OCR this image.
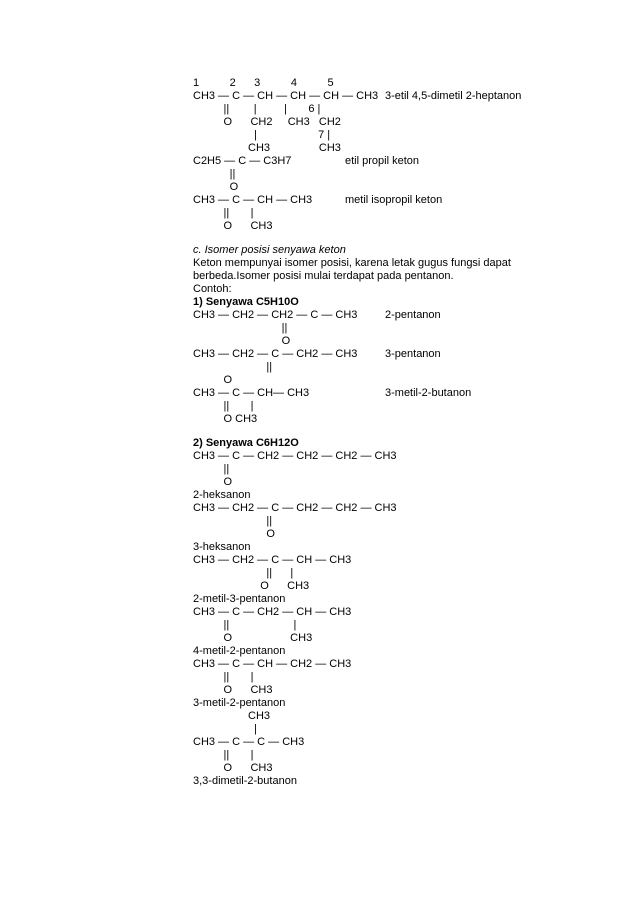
1          2      3          4          5
CH3 — C — CH — CH — CH — CH3
||        |         |       6 |
O      CH2     CH3   CH2
|                    7 |
CH3                CH3
C2H5 — C — C3H7
||
O
CH3 — C — CH — CH3
||       |
O      CH3
c. Isomer posisi senyawa keton
Keton mempunyai isomer posisi, karena letak gugus fungsi dapat
berbeda.Isomer posisi mulai terdapat pada pentanon.
Contoh:
1) Senyawa C5H10O
CH3 — CH2 — CH2 — C — CH3
||
O
CH3 — CH2 — C — CH2 — CH3
||
O
CH3 — C — CH— CH3
||       |
O CH3
2) Senyawa C6H12O
CH3 — C — CH2 — CH2 — CH2 — CH3
||
O
2-heksanon
CH3 — CH2 — C — CH2 — CH2 — CH3
||
O
3-heksanon
CH3 — CH2 — C — CH — CH3
||      |
O      CH3
2-metil-3-pentanon
CH3 — C — CH2 — CH — CH3
||                     |
O                   CH3
4-metil-2-pentanon
CH3 — C — CH — CH2 — CH3
||       |
O      CH3
3-metil-2-pentanon
CH3
|
CH3 — C — C — CH3
||       |
O      CH3
3,3-dimetil-2-butanon
3-etil 4,5-dimetil 2-heptanon
etil propil keton
metil isopropil keton
2-pentanon
3-pentanon
3-metil-2-butanon
